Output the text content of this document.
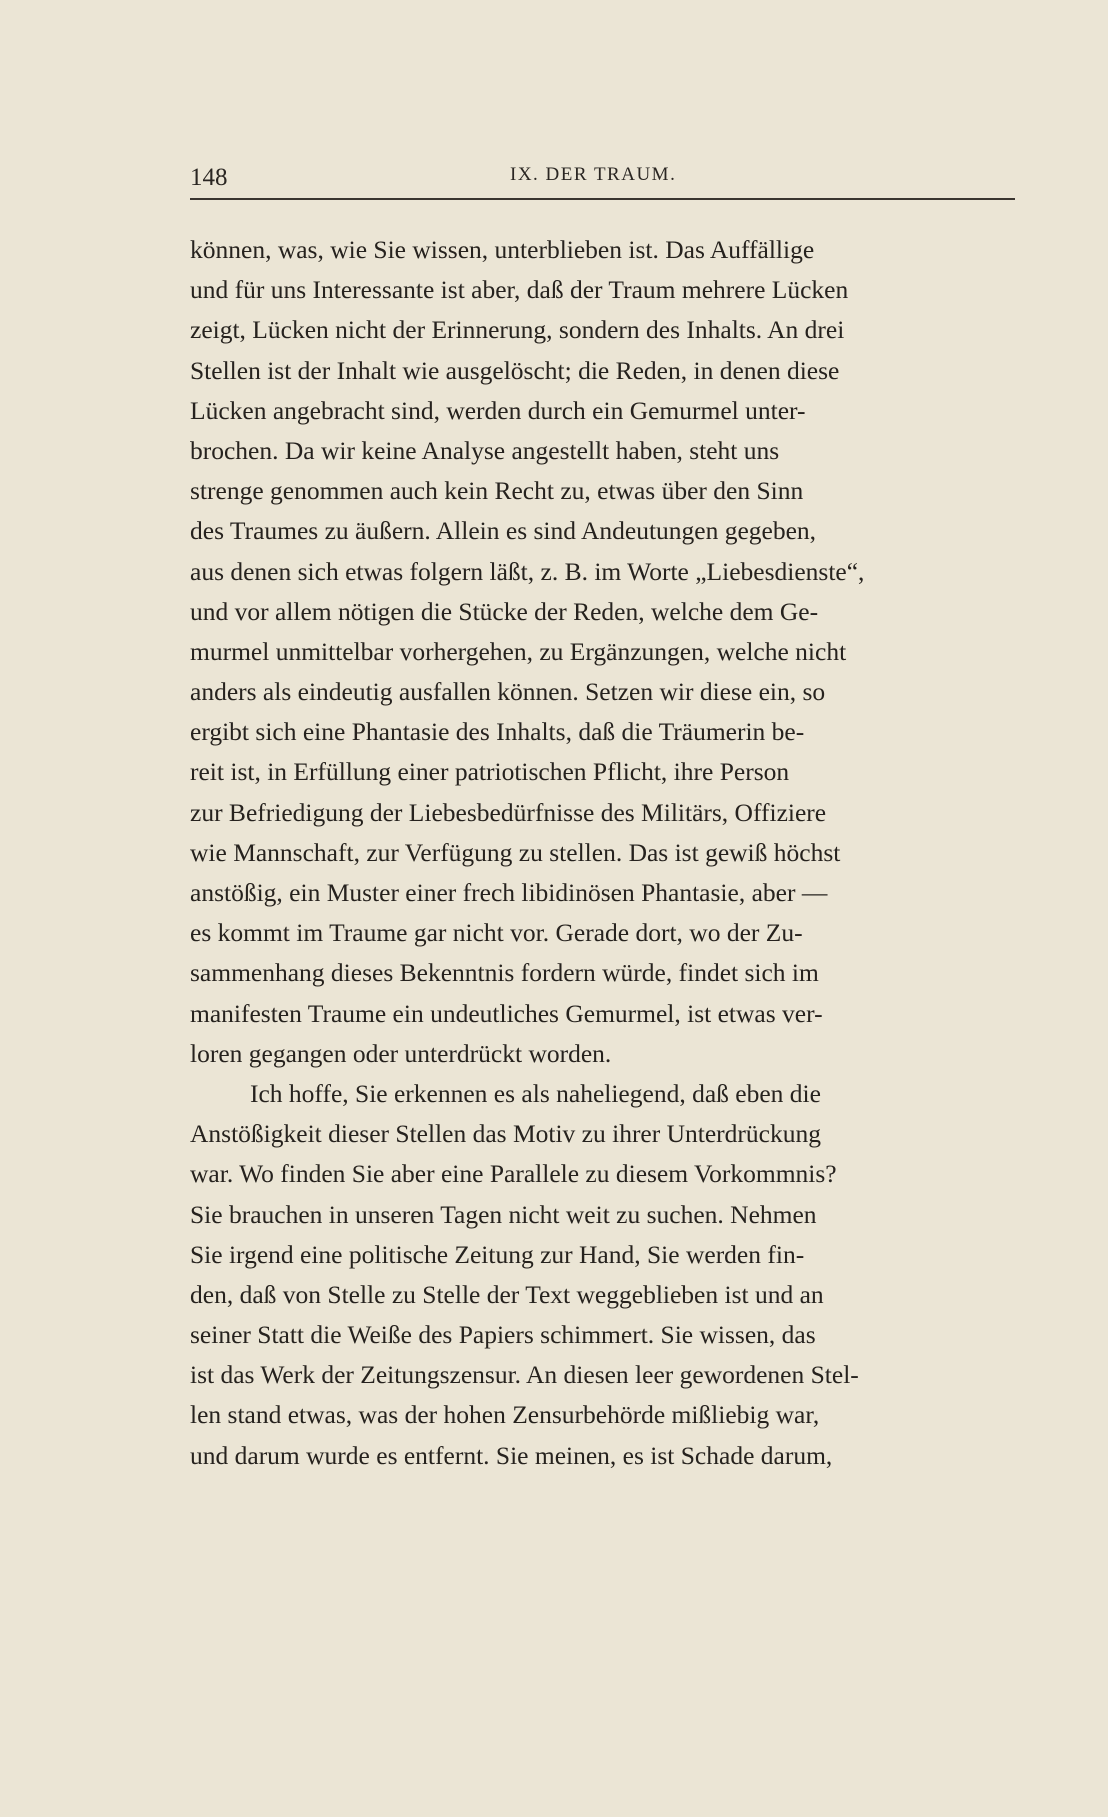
148	IX. DER TRAUM.
können, was, wie Sie wissen, unterblieben ist. Das Auffällige
und für uns Interessante ist aber, daß der Traum mehrere Lücken
zeigt, Lücken nicht der Erinnerung, sondern des Inhalts. An drei
Stellen ist der Inhalt wie ausgelöscht; die Reden, in denen diese
Lücken angebracht sind, werden durch ein Gemurmel unter-
brochen. Da wir keine Analyse angestellt haben, steht uns
strenge genommen auch kein Recht zu, etwas über den Sinn
des Traumes zu äußern. Allein es sind Andeutungen gegeben,
aus denen sich etwas folgern läßt, z. B. im Worte „Liebesdienste“,
und vor allem nötigen die Stücke der Reden, welche dem Ge-
murmel unmittelbar vorhergehen, zu Ergänzungen, welche nicht
anders als eindeutig ausfallen können. Setzen wir diese ein, so
ergibt sich eine Phantasie des Inhalts, daß die Träumerin be-
reit ist, in Erfüllung einer patriotischen Pflicht, ihre Person
zur Befriedigung der Liebesbedürfnisse des Militärs, Offiziere
wie Mannschaft, zur Verfügung zu stellen. Das ist gewiß höchst
anstößig, ein Muster einer frech libidinösen Phantasie, aber —
es kommt im Traume gar nicht vor. Gerade dort, wo der Zu-
sammenhang dieses Bekenntnis fordern würde, findet sich im
manifesten Traume ein undeutliches Gemurmel, ist etwas ver-
loren gegangen oder unterdrückt worden.
Ich hoffe, Sie erkennen es als naheliegend, daß eben die
Anstößigkeit dieser Stellen das Motiv zu ihrer Unterdrückung
war. Wo finden Sie aber eine Parallele zu diesem Vorkommnis?
Sie brauchen in unseren Tagen nicht weit zu suchen. Nehmen
Sie irgend eine politische Zeitung zur Hand, Sie werden fin-
den, daß von Stelle zu Stelle der Text weggeblieben ist und an
seiner Statt die Weiße des Papiers schimmert. Sie wissen, das
ist das Werk der Zeitungszensur. An diesen leer gewordenen Stel-
len stand etwas, was der hohen Zensurbehörde mißliebig war,
und darum wurde es entfernt. Sie meinen, es ist Schade darum,
